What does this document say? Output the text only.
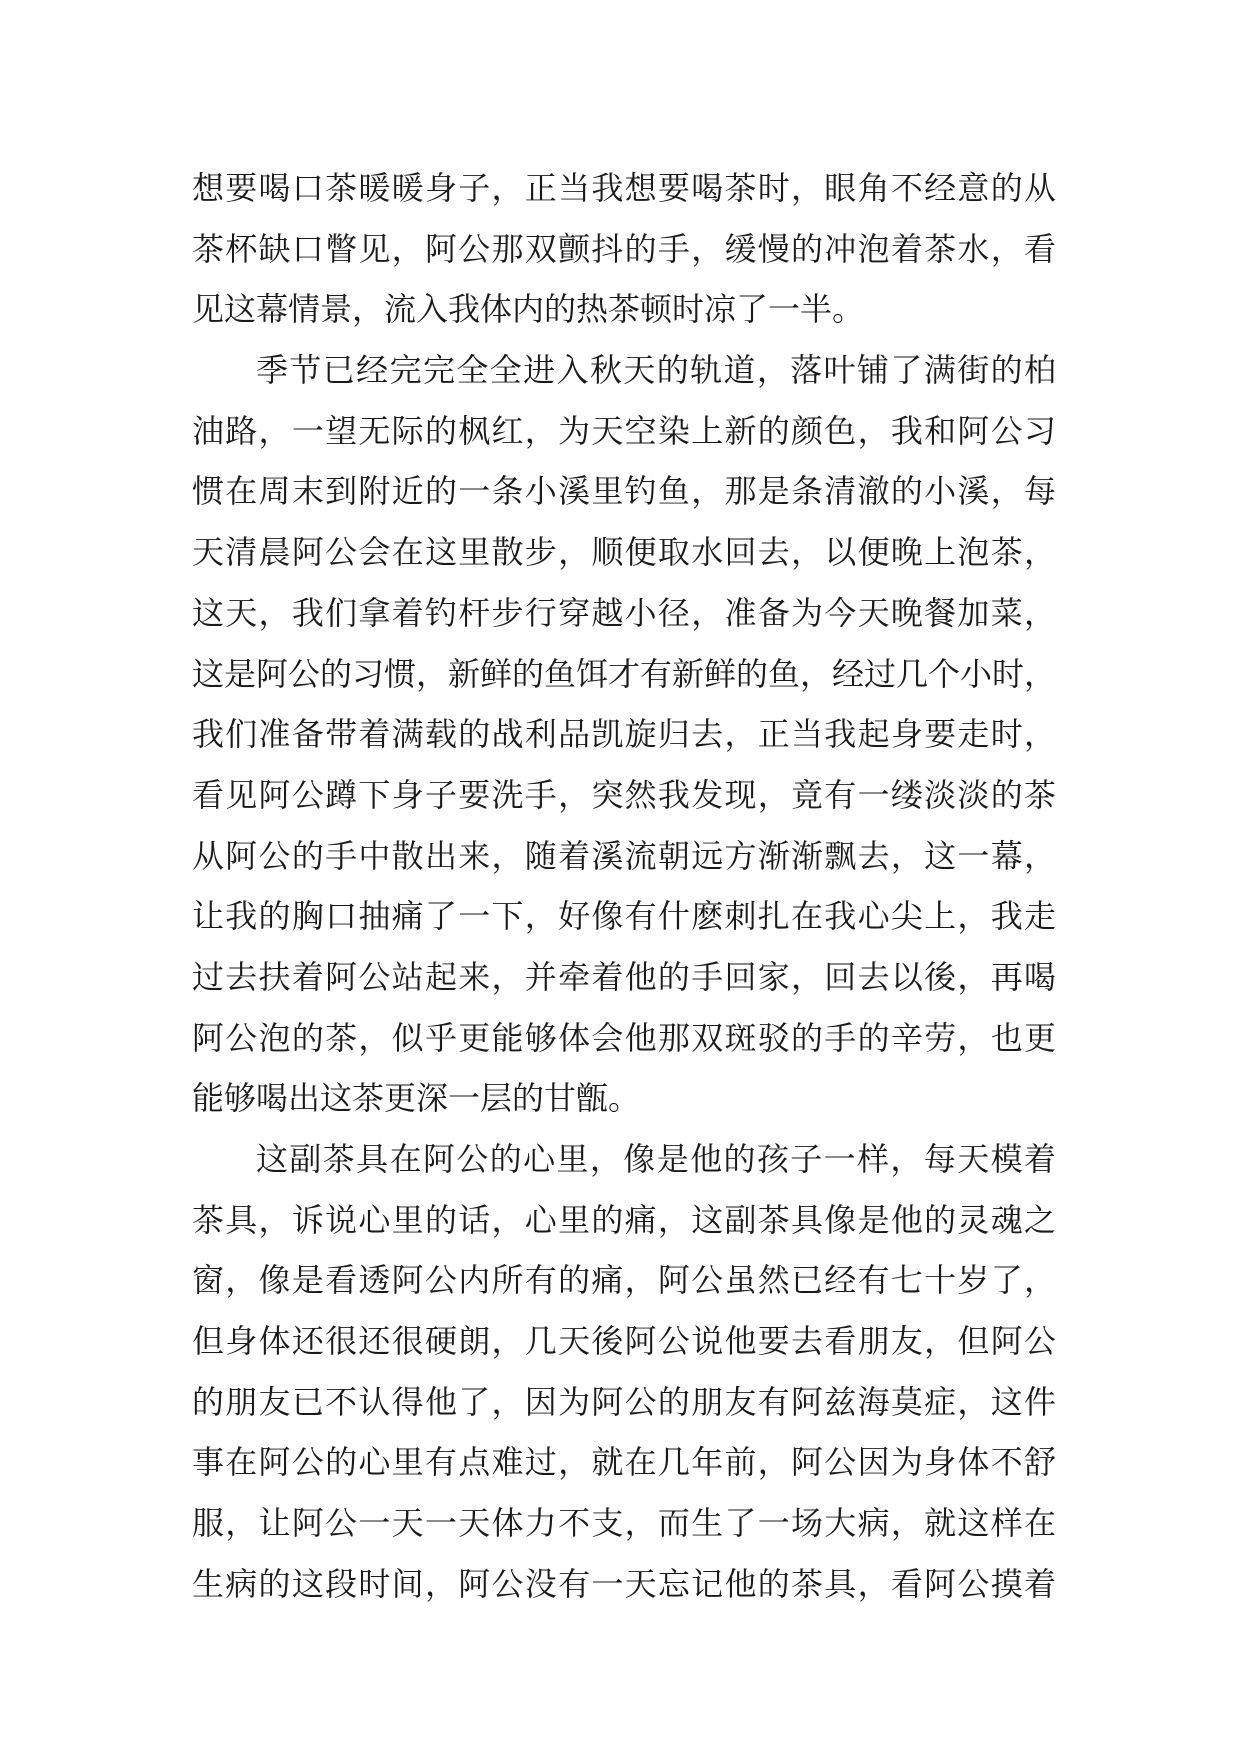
想要喝口茶暖暖身子，正当我想要喝茶时，眼角不经意的从
茶杯缺口瞥见，阿公那双颤抖的手，缓慢的冲泡着茶水，看
见这幕情景，流入我体内的热茶顿时凉了一半。
季节已经完完全全进入秋天的轨道，落叶铺了满街的柏
油路，一望无际的枫红，为天空染上新的颜色，我和阿公习
惯在周末到附近的一条小溪里钓鱼，那是条清澈的小溪，每
天清晨阿公会在这里散步，顺便取水回去，以便晚上泡茶，
这天，我们拿着钓杆步行穿越小径，准备为今天晚餐加菜，
这是阿公的习惯，新鲜的鱼饵才有新鲜的鱼，经过几个小时，
我们准备带着满载的战利品凯旋归去，正当我起身要走时，
看见阿公蹲下身子要洗手，突然我发现，竟有一缕淡淡的茶
从阿公的手中散出来，随着溪流朝远方渐渐飘去，这一幕，
让我的胸口抽痛了一下，好像有什麽刺扎在我心尖上，我走
过去扶着阿公站起来，并牵着他的手回家，回去以後，再喝
阿公泡的茶，似乎更能够体会他那双斑驳的手的辛劳，也更
能够喝出这茶更深一层的甘甑。
这副茶具在阿公的心里，像是他的孩子一样，每天模着
茶具，诉说心里的话，心里的痛，这副茶具像是他的灵魂之
窗，像是看透阿公内所有的痛，阿公虽然已经有七十岁了，
但身体还很还很硬朗，几天後阿公说他要去看朋友，但阿公
的朋友已不认得他了，因为阿公的朋友有阿兹海莫症，这件
事在阿公的心里有点难过，就在几年前，阿公因为身体不舒
服，让阿公一天一天体力不支，而生了一场大病，就这样在
生病的这段时间，阿公没有一天忘记他的茶具，看阿公摸着
